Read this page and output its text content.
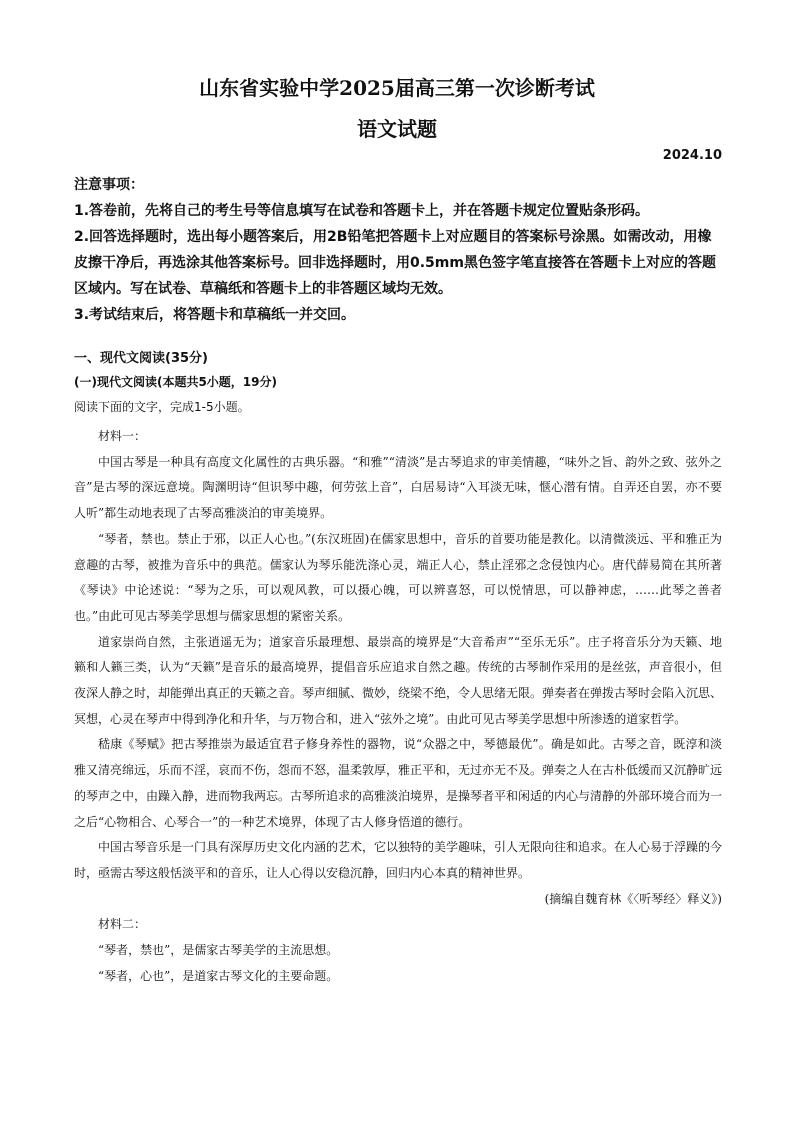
山东省实验中学2025届高三第一次诊断考试
语文试题
2024.10

注意事项：

1.答卷前，先将自己的考生号等信息填写在试卷和答题卡上，并在答题卡规定位置贴条形码。

2.回答选择题时，选出每小题答案后，用2B铅笔把答题卡上对应题目的答案标号涂黑。如需改动，用橡皮擦干净后，再选涂其他答案标号。回非选择题时，用0.5mm黑色签字笔直接答在答题卡上对应的答题区域内。写在试卷、草稿纸和答题卡上的非答题区域均无效。

3.考试结束后，将答题卡和草稿纸一并交回。

一、现代文阅读(35分)
(一)现代文阅读(本题共5小题，19分)
阅读下面的文字，完成1-5小题。

材料一：

中国古琴是一种具有高度文化属性的古典乐器。“和雅”“清淡”是古琴追求的审美情趣，“味外之旨、韵外之致、弦外之音”是古琴的深远意境。陶渊明诗“但识琴中趣，何劳弦上音”，白居易诗“入耳淡无味，惬心潜有情。自弄还自罢，亦不要人听”都生动地表现了古琴高雅淡泊的审美境界。

“琴者，禁也。禁止于邪，以正人心也。”(东汉班固)在儒家思想中，音乐的首要功能是教化。以清微淡远、平和雅正为意趣的古琴，被推为音乐中的典范。儒家认为琴乐能洗涤心灵，端正人心，禁止淫邪之念侵蚀内心。唐代薛易简在其所著《琴诀》中论述说：“琴为之乐，可以观风教，可以摄心魄，可以辨喜怒，可以悦情思，可以静神虑，……此琴之善者也。”由此可见古琴美学思想与儒家思想的紧密关系。

道家崇尚自然，主张逍遥无为；道家音乐最理想、最崇高的境界是“大音希声”“至乐无乐”。庄子将音乐分为天籁、地籁和人籁三类，认为“天籁”是音乐的最高境界，提倡音乐应追求自然之趣。传统的古琴制作采用的是丝弦，声音很小，但夜深人静之时，却能弹出真正的天籁之音。琴声细腻、微妙，绕梁不绝，令人思绪无限。弹奏者在弹拨古琴时会陷入沉思、冥想，心灵在琴声中得到净化和升华，与万物合和，进入“弦外之境”。由此可见古琴美学思想中所渗透的道家哲学。

嵇康《琴赋》把古琴推崇为最适宜君子修身养性的器物，说“众器之中，琴德最优”。确是如此。古琴之音，既淳和淡雅又清亮绵远，乐而不淫，哀而不伤，怨而不怒，温柔敦厚，雅正平和，无过亦无不及。弹奏之人在古朴低缓而又沉静旷远的琴声之中，由躁入静，进而物我两忘。古琴所追求的高雅淡泊境界，是操琴者平和闲适的内心与清静的外部环境合而为一之后“心物相合、心琴合一”的一种艺术境界，体现了古人修身悟道的德行。

中国古琴音乐是一门具有深厚历史文化内涵的艺术，它以独特的美学趣味，引人无限向往和追求。在人心易于浮躁的今时，亟需古琴这般恬淡平和的音乐，让人心得以安稳沉静，回归内心本真的精神世界。

(摘编自魏育林《〈听琴经〉释义》)

材料二：

“琴者，禁也”，是儒家古琴美学的主流思想。

“琴者，心也”，是道家古琴文化的主要命题。
